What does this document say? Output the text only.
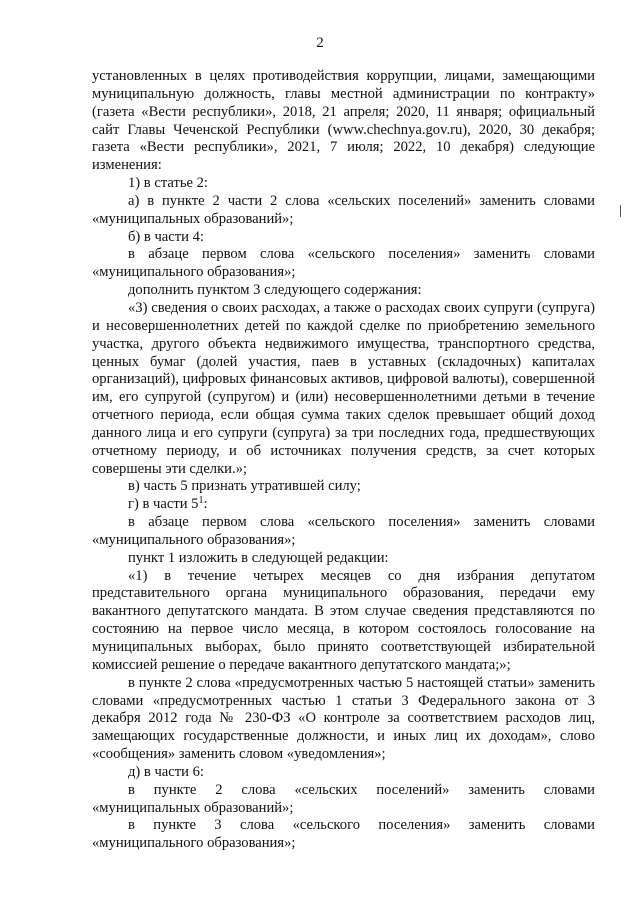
2

установленных в целях противодействия коррупции, лицами, замещающими муниципальную должность, главы местной администрации по контракту» (газета «Вести республики», 2018, 21 апреля; 2020, 11 января; официальный сайт Главы Чеченской Республики (www.chechnya.gov.ru), 2020, 30 декабря; газета «Вести республики», 2021, 7 июля; 2022, 10 декабря) следующие изменения:

1) в статье 2:

а) в пункте 2 части 2 слова «сельских поселений» заменить словами «муниципальных образований»;

б) в части 4:

в абзаце первом слова «сельского поселения» заменить словами «муниципального образования»;

дополнить пунктом 3 следующего содержания:

«3) сведения о своих расходах, а также о расходах своих супруги (супруга) и несовершеннолетних детей по каждой сделке по приобретению земельного участка, другого объекта недвижимого имущества, транспортного средства, ценных бумаг (долей участия, паев в уставных (складочных) капиталах организаций), цифровых финансовых активов, цифровой валюты), совершенной им, его супругой (супругом) и (или) несовершеннолетними детьми в течение отчетного периода, если общая сумма таких сделок превышает общий доход данного лица и его супруги (супруга) за три последних года, предшествующих отчетному периоду, и об источниках получения средств, за счет которых совершены эти сделки.»;

в) часть 5 признать утратившей силу;

г) в части $5^1$:

в абзаце первом слова «сельского поселения» заменить словами «муниципального образования»;

пункт 1 изложить в следующей редакции:

«1) в течение четырех месяцев со дня избрания депутатом представительного органа муниципального образования, передачи ему вакантного депутатского мандата. В этом случае сведения представляются по состоянию на первое число месяца, в котором состоялось голосование на муниципальных выборах, было принято соответствующей избирательной комиссией решение о передаче вакантного депутатского мандата;»;

в пункте 2 слова «предусмотренных частью 5 настоящей статьи» заменить словами «предусмотренных частью 1 статьи 3 Федерального закона от 3 декабря 2012 года № 230-ФЗ «О контроле за соответствием расходов лиц, замещающих государственные должности, и иных лиц их доходам», слово «сообщения» заменить словом «уведомления»;

д) в части 6:

в пункте 2 слова «сельских поселений» заменить словами «муниципальных образований»;

в пункте 3 слова «сельского поселения» заменить словами «муниципального образования»;
